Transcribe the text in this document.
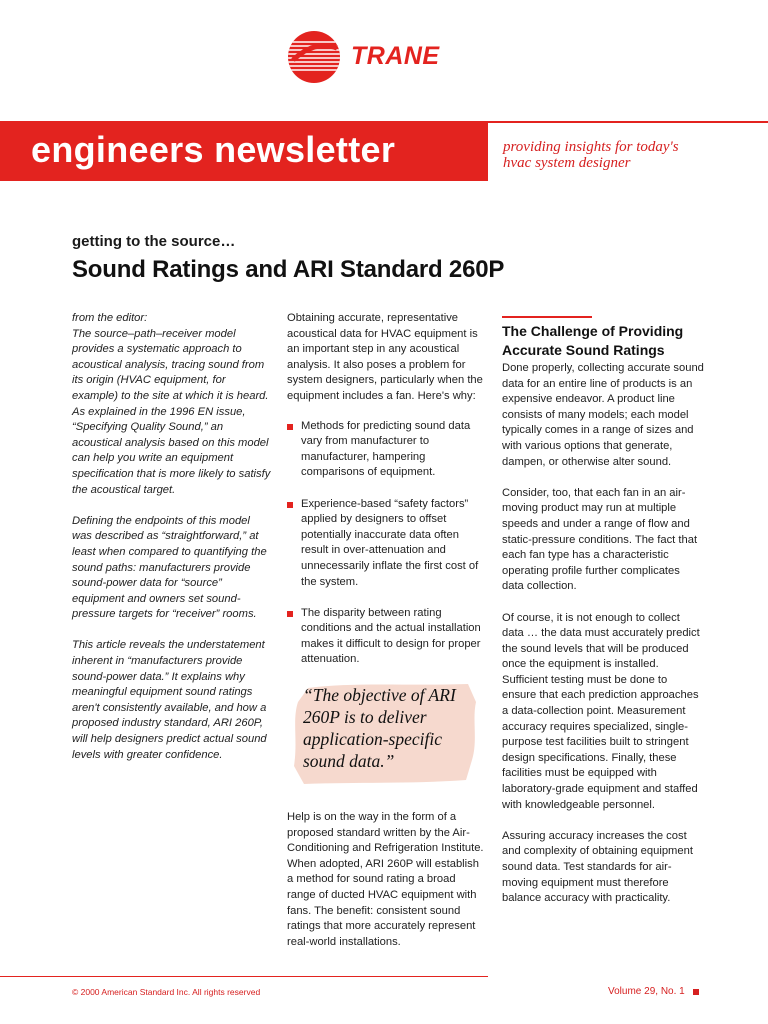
TRANE
engineers newsletter	providing insights for today's
hvac system designer
getting to the source…
Sound Ratings and ARI Standard 260P

from the editor:
The source–path–receiver model provides a systematic approach to acoustical analysis, tracing sound from its origin (HVAC equipment, for example) to the site at which it is heard. As explained in the 1996 EN issue, “Specifying Quality Sound,” an acoustical analysis based on this model can help you write an equipment specification that is more likely to satisfy the acoustical target.

Defining the endpoints of this model was described as “straightforward,” at least when compared to quantifying the sound paths: manufacturers provide sound-power data for “source” equipment and owners set sound-pressure targets for “receiver” rooms.

This article reveals the understatement inherent in “manufacturers provide sound-power data.” It explains why meaningful equipment sound ratings aren't consistently available, and how a proposed industry standard, ARI 260P, will help designers predict actual sound levels with greater confidence.

Obtaining accurate, representative acoustical data for HVAC equipment is an important step in any acoustical analysis. It also poses a problem for system designers, particularly when the equipment includes a fan. Here's why:

Methods for predicting sound data vary from manufacturer to manufacturer, hampering comparisons of equipment.
Experience-based “safety factors” applied by designers to offset potentially inaccurate data often result in over-attenuation and unnecessarily inflate the first cost of the system.
The disparity between rating conditions and the actual installation makes it difficult to design for proper attenuation.
“The objective of ARI 260P is to deliver application-specific sound data.”

Help is on the way in the form of a proposed standard written by the Air-Conditioning and Refrigeration Institute. When adopted, ARI 260P will establish a method for sound rating a broad range of ducted HVAC equipment with fans. The benefit: consistent sound ratings that more accurately represent real-world installations.

The Challenge of Providing Accurate Sound Ratings

Done properly, collecting accurate sound data for an entire line of products is an expensive endeavor. A product line consists of many models; each model typically comes in a range of sizes and with various options that generate, dampen, or otherwise alter sound.

Consider, too, that each fan in an air-moving product may run at multiple speeds and under a range of flow and static-pressure conditions. The fact that each fan type has a characteristic operating profile further complicates data collection.

Of course, it is not enough to collect data … the data must accurately predict the sound levels that will be produced once the equipment is installed. Sufficient testing must be done to ensure that each prediction approaches a data-collection point. Measurement accuracy requires specialized, single-purpose test facilities built to stringent design specifications. Finally, these facilities must be equipped with laboratory-grade equipment and staffed with knowledgeable personnel.

Assuring accuracy increases the cost and complexity of obtaining equipment sound data. Test standards for air-moving equipment must therefore balance accuracy with practicality.

© 2000 American Standard Inc. All rights reserved	Volume 29, No. 1
